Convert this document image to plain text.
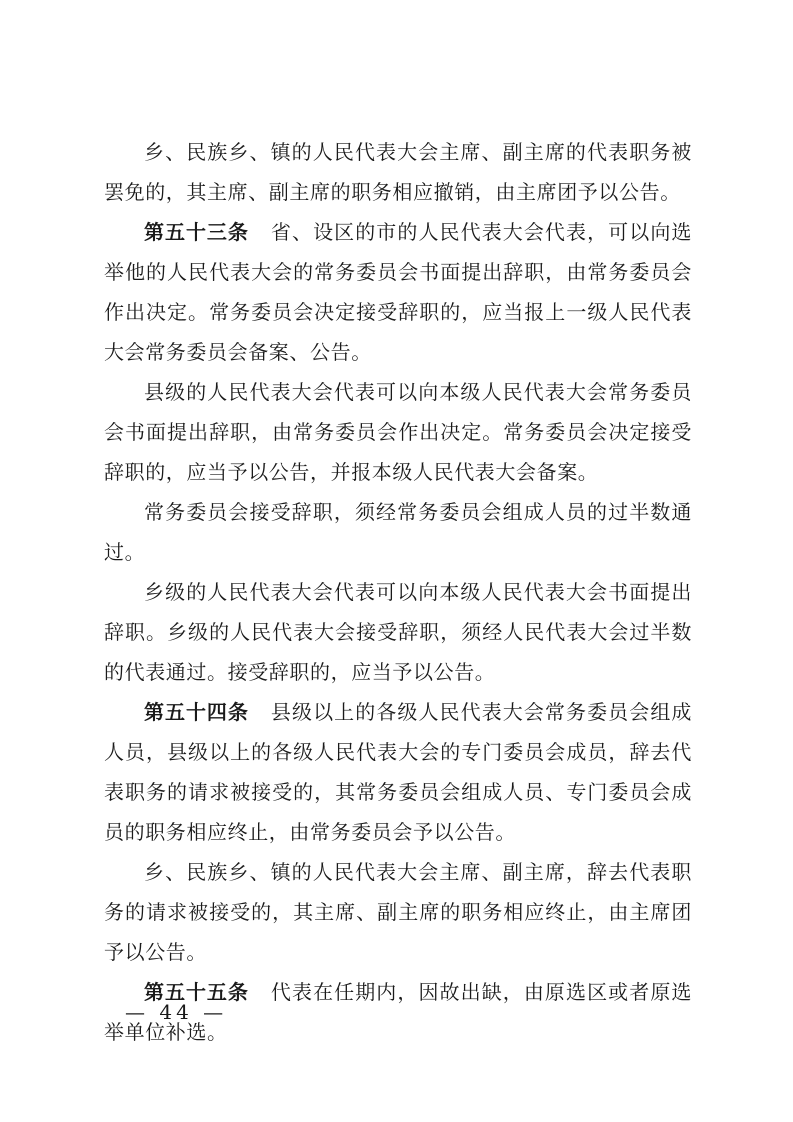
乡、民族乡、镇的人民代表大会主席、副主席的代表职务被罢免的，其主席、副主席的职务相应撤销，由主席团予以公告。

第五十三条 省、设区的市的人民代表大会代表，可以向选举他的人民代表大会的常务委员会书面提出辞职，由常务委员会作出决定。常务委员会决定接受辞职的，应当报上一级人民代表大会常务委员会备案、公告。

县级的人民代表大会代表可以向本级人民代表大会常务委员会书面提出辞职，由常务委员会作出决定。常务委员会决定接受辞职的，应当予以公告，并报本级人民代表大会备案。

常务委员会接受辞职，须经常务委员会组成人员的过半数通过。

乡级的人民代表大会代表可以向本级人民代表大会书面提出辞职。乡级的人民代表大会接受辞职，须经人民代表大会过半数的代表通过。接受辞职的，应当予以公告。

第五十四条 县级以上的各级人民代表大会常务委员会组成人员，县级以上的各级人民代表大会的专门委员会成员，辞去代表职务的请求被接受的，其常务委员会组成人员、专门委员会成员的职务相应终止，由常务委员会予以公告。

乡、民族乡、镇的人民代表大会主席、副主席，辞去代表职务的请求被接受的，其主席、副主席的职务相应终止，由主席团予以公告。

第五十五条 代表在任期内，因故出缺，由原选区或者原选举单位补选。

— 44 —
